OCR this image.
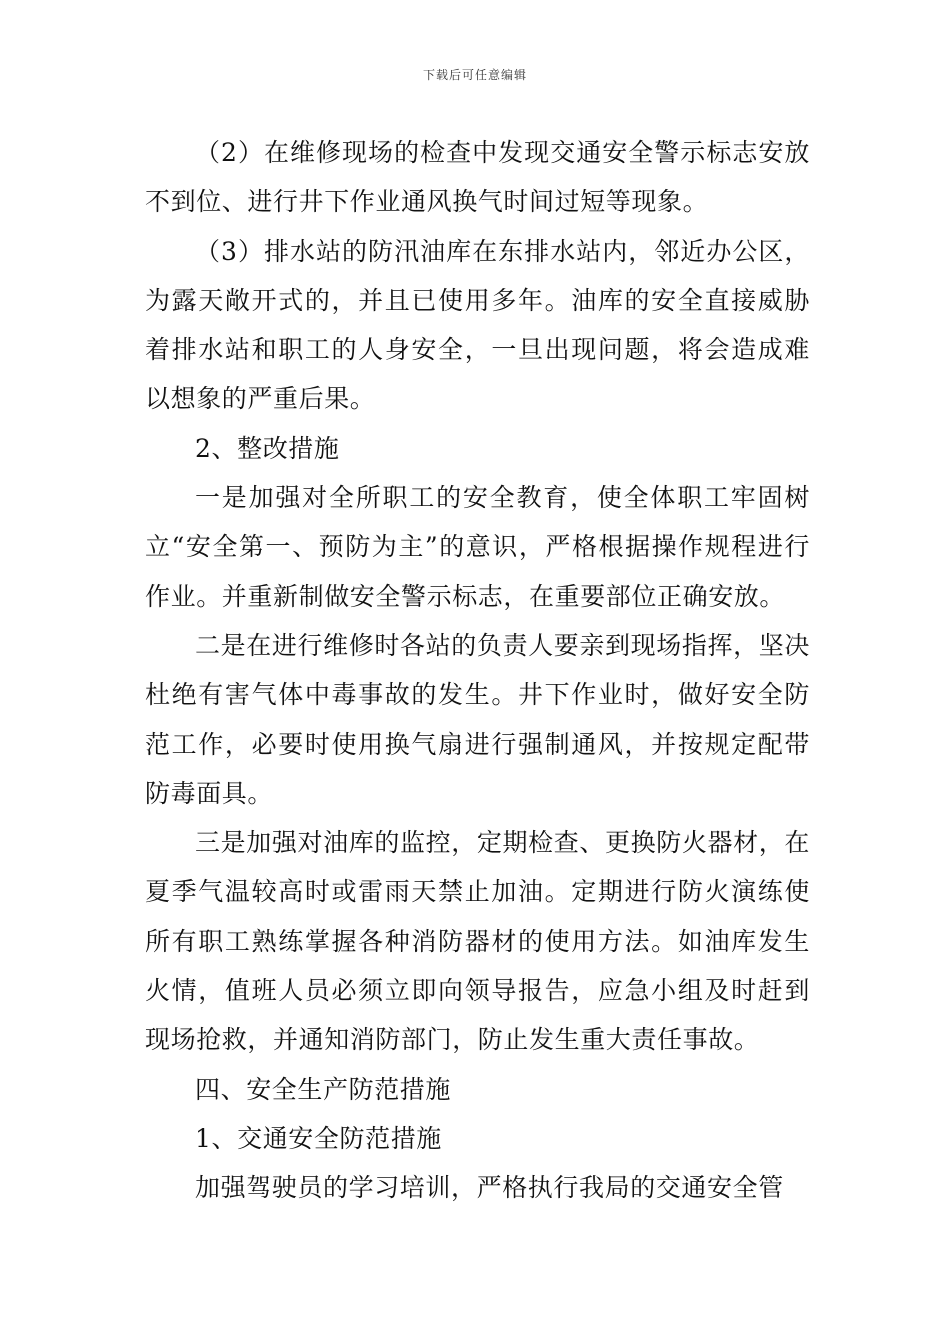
下载后可任意编辑

（2）在维修现场的检查中发现交通安全警示标志安放不到位、进行井下作业通风换气时间过短等现象。

（3）排水站的防汛油库在东排水站内，邻近办公区，为露天敞开式的，并且已使用多年。油库的安全直接威胁着排水站和职工的人身安全，一旦出现问题，将会造成难以想象的严重后果。

2、整改措施

一是加强对全所职工的安全教育，使全体职工牢固树立“安全第一、预防为主”的意识，严格根据操作规程进行作业。并重新制做安全警示标志，在重要部位正确安放。

二是在进行维修时各站的负责人要亲到现场指挥，坚决杜绝有害气体中毒事故的发生。井下作业时，做好安全防范工作，必要时使用换气扇进行强制通风，并按规定配带防毒面具。

三是加强对油库的监控，定期检查、更换防火器材，在夏季气温较高时或雷雨天禁止加油。定期进行防火演练使所有职工熟练掌握各种消防器材的使用方法。如油库发生火情，值班人员必须立即向领导报告，应急小组及时赶到现场抢救，并通知消防部门，防止发生重大责任事故。

四、安全生产防范措施

1、交通安全防范措施

加强驾驶员的学习培训，严格执行我局的交通安全管
